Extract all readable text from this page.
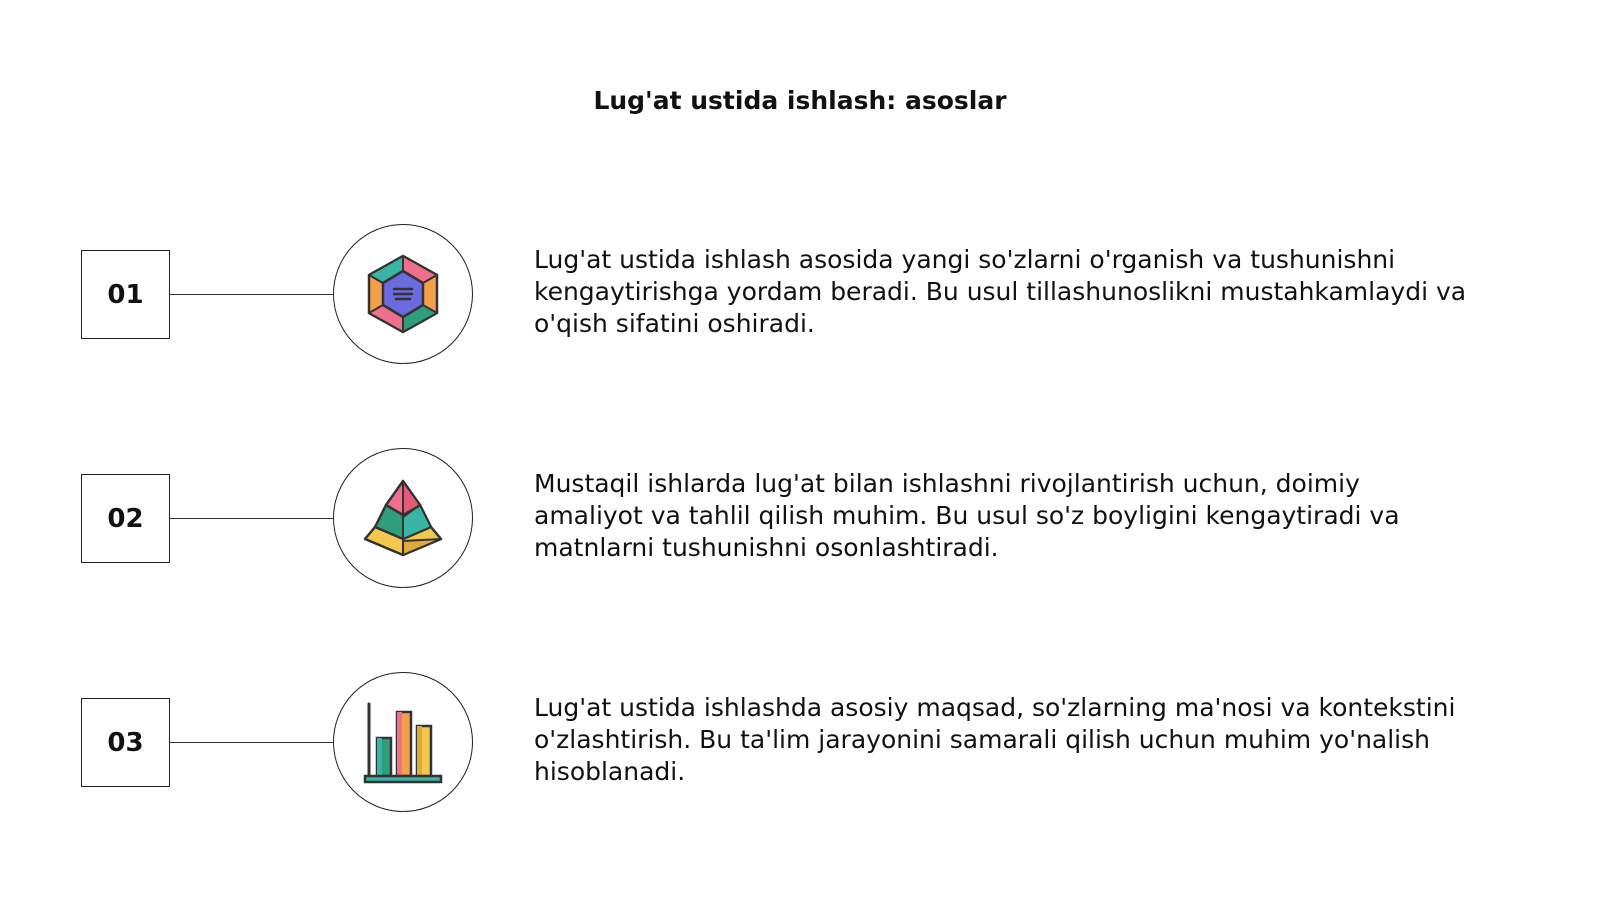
Lug'at ustida ishlash: asoslar
01
Lug'at ustida ishlash asosida yangi so'zlarni o'rganish va tushunishni kengaytirishga yordam beradi. Bu usul tillashunoslikni mustahkamlaydi va o'qish sifatini oshiradi.
02
Mustaqil ishlarda lug'at bilan ishlashni rivojlantirish uchun, doimiy amaliyot va tahlil qilish muhim. Bu usul so'z boyligini kengaytiradi va matnlarni tushunishni osonlashtiradi.
03
Lug'at ustida ishlashda asosiy maqsad, so'zlarning ma'nosi va kontekstini o'zlashtirish. Bu ta'lim jarayonini samarali qilish uchun muhim yo'nalish hisoblanadi.
